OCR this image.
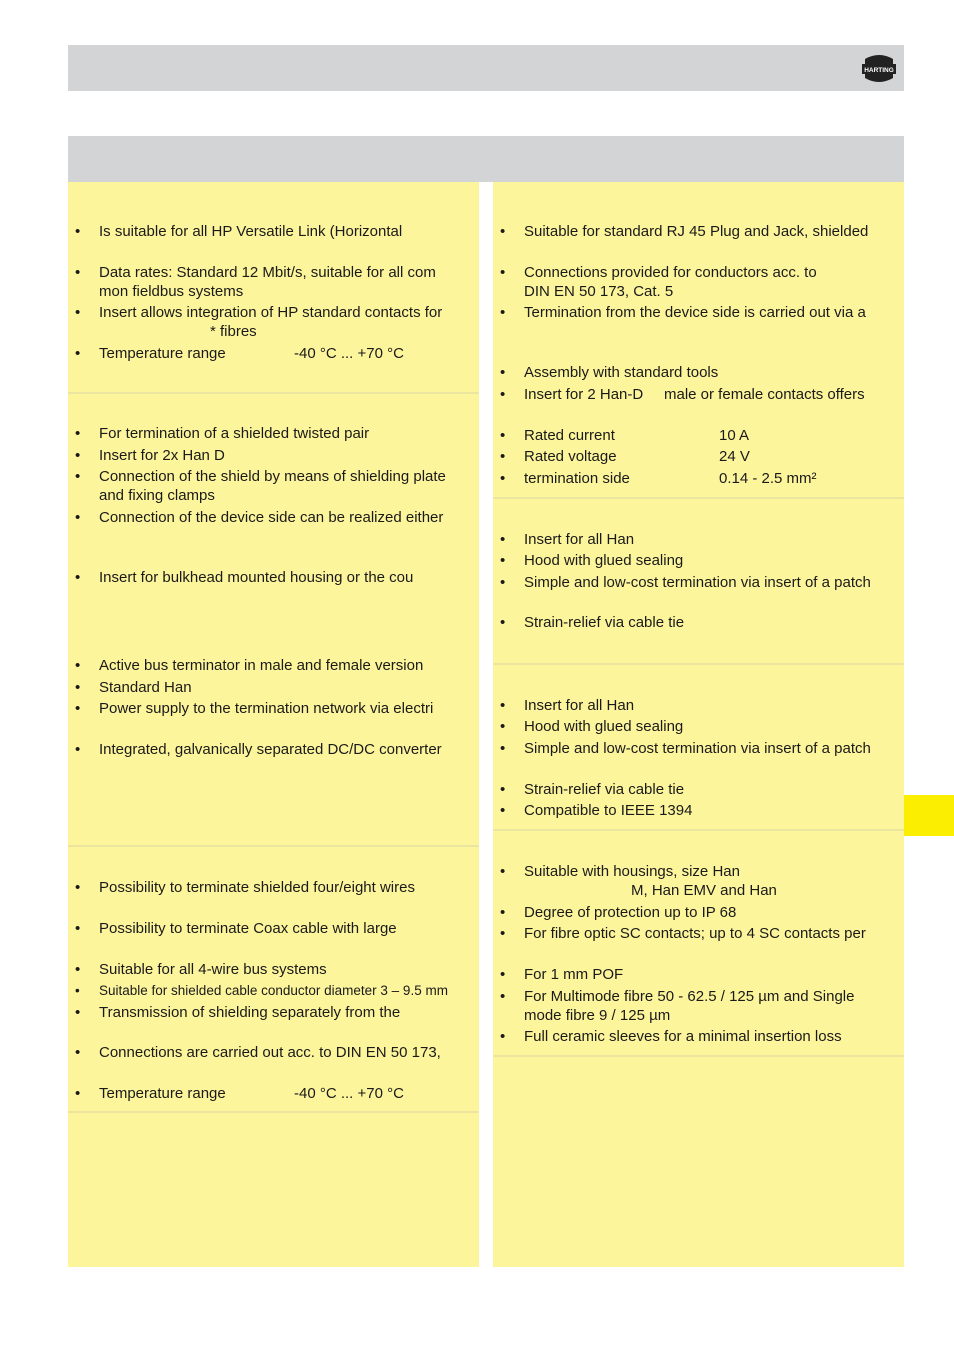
HARTING
• Is suitable for all HP Versatile Link (Horizontal
• Data rates: Standard 12 Mbit/s, suitable for all com
mon fieldbus systems
• Insert allows integration of HP standard contacts for
* fibres
• Temperature range	-40 °C ... +70 °C
• For termination of a shielded twisted pair
• Insert for 2x Han D
• Connection of the shield by means of shielding plate
and fixing clamps
• Connection of the device side can be realized either
• Insert for bulkhead mounted housing or the cou
• Active bus terminator in male and female version
• Standard Han
• Power supply to the termination network via electri
• Integrated, galvanically separated DC/DC converter
• Possibility to terminate shielded four/eight wires
• Possibility to terminate Coax cable with large
• Suitable for all 4-wire bus systems
• Suitable for shielded cable conductor diameter 3 – 9.5 mm
• Transmission of shielding separately from the
• Connections are carried out acc. to DIN EN 50 173,
• Temperature range	-40 °C ... +70 °C
• Suitable for standard RJ 45 Plug and Jack, shielded
• Connections provided for conductors acc. to
DIN EN 50 173, Cat. 5
• Termination from the device side is carried out via a
• Assembly with standard tools
• Insert for 2 Han-D male or female contacts offers
• Rated current	10 A
• Rated voltage	24 V
• termination side	0.14 - 2.5 mm²
• Insert for all Han
• Hood with glued sealing
• Simple and low-cost termination via insert of a patch
• Strain-relief via cable tie
• Insert for all Han
• Hood with glued sealing
• Simple and low-cost termination via insert of a patch
• Strain-relief via cable tie
• Compatible to IEEE 1394
• Suitable with housings, size Han
M, Han EMV and Han
• Degree of protection up to IP 68
• For fibre optic SC contacts; up to 4 SC contacts per
• For 1 mm POF
• For Multimode fibre 50 - 62.5 / 125 µm and Single
mode fibre 9 / 125 µm
• Full ceramic sleeves for a minimal insertion loss
